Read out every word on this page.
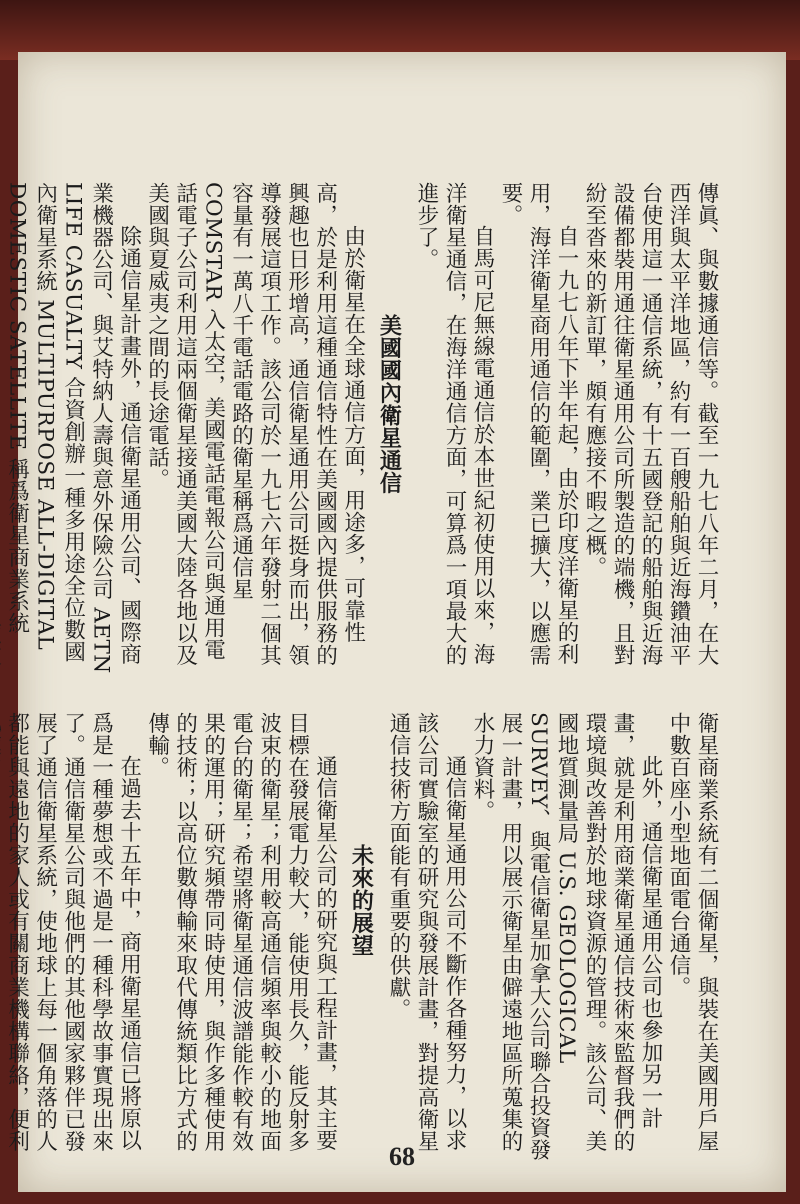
傳眞、與數據通信等。截至一九七八年二月，在大西洋與太平洋地區，約有一百艘船舶與近海鑽油平台使用這一通信系統，有十五國登記的船舶與近海設備都裝用通往衛星通用公司所製造的端機，且對紛至沓來的新訂單，頗有應接不暇之概。

自一九七八年下半年起，由於印度洋衛星的利用，海洋衛星商用通信的範圍，業已擴大，以應需要。

自馬可尼無線電通信於本世紀初使用以來，海洋衛星通信，在海洋通信方面，可算爲一項最大的進步了。

美國國內衛星通信

由於衛星在全球通信方面，用途多，可靠性高，於是利用這種通信特性在美國國內提供服務的興趣也日形增高，通信衛星通用公司挺身而出，領導發展這項工作。該公司於一九七六年發射二個其容量有一萬八千電話電路的衛星稱爲通信星 COMSTAR 入太空，美國電話電報公司與通用電話電子公司利用這兩個衛星接通美國大陸各地以及美國與夏威夷之間的長途電話。

除通信星計畫外，通信衛星通用公司、國際商業機器公司、與艾特納人壽與意外保險公司 AETN LIFE CASUALTY 合資創辦一種多用途全位數國內衛星系統 MULTIPURPOSE ALL-DIGITAL DOMESTIC SATELLITE 稱爲衛星商業系統

衛星商業系統有二個衛星，與裝在美國用戶屋中數百座小型地面電台通信。

此外，通信衛星通用公司也參加另一計畫，就是利用商業衛星通信技術來監督我們的環境與改善對於地球資源的管理。該公司、美國地質測量局 U.S. GEOLOGICAL SURVEY、與電信衛星加拿大公司聯合投資發展一計畫，用以展示衛星由僻遠地區所蒐集的水力資料。

通信衛星通用公司不斷作各種努力，以求該公司實驗室的研究與發展計畫，對提高衛星通信技術方面能有重要的供獻。

未來的展望

通信衛星公司的研究與工程計畫，其主要目標在發展電力較大，能使用長久，能反射多波束的衛星；利用較高通信頻率與較小的地面電台的衛星；希望將衛星通信波譜能作較有效果的運用；研究頻帶同時使用，與作多種使用的技術；以高位數傳輸來取代傳統類比方式的傳輸。

在過去十五年中，商用衛星通信已將原以爲是一種夢想或不過是一種科學故事實現出來了。通信衛星公司與他們的其他國家夥伴已發展了通信衛星系統，使地球上每一個角落的人都能與遠地的家人或有關商業機構聯絡，便利

68
